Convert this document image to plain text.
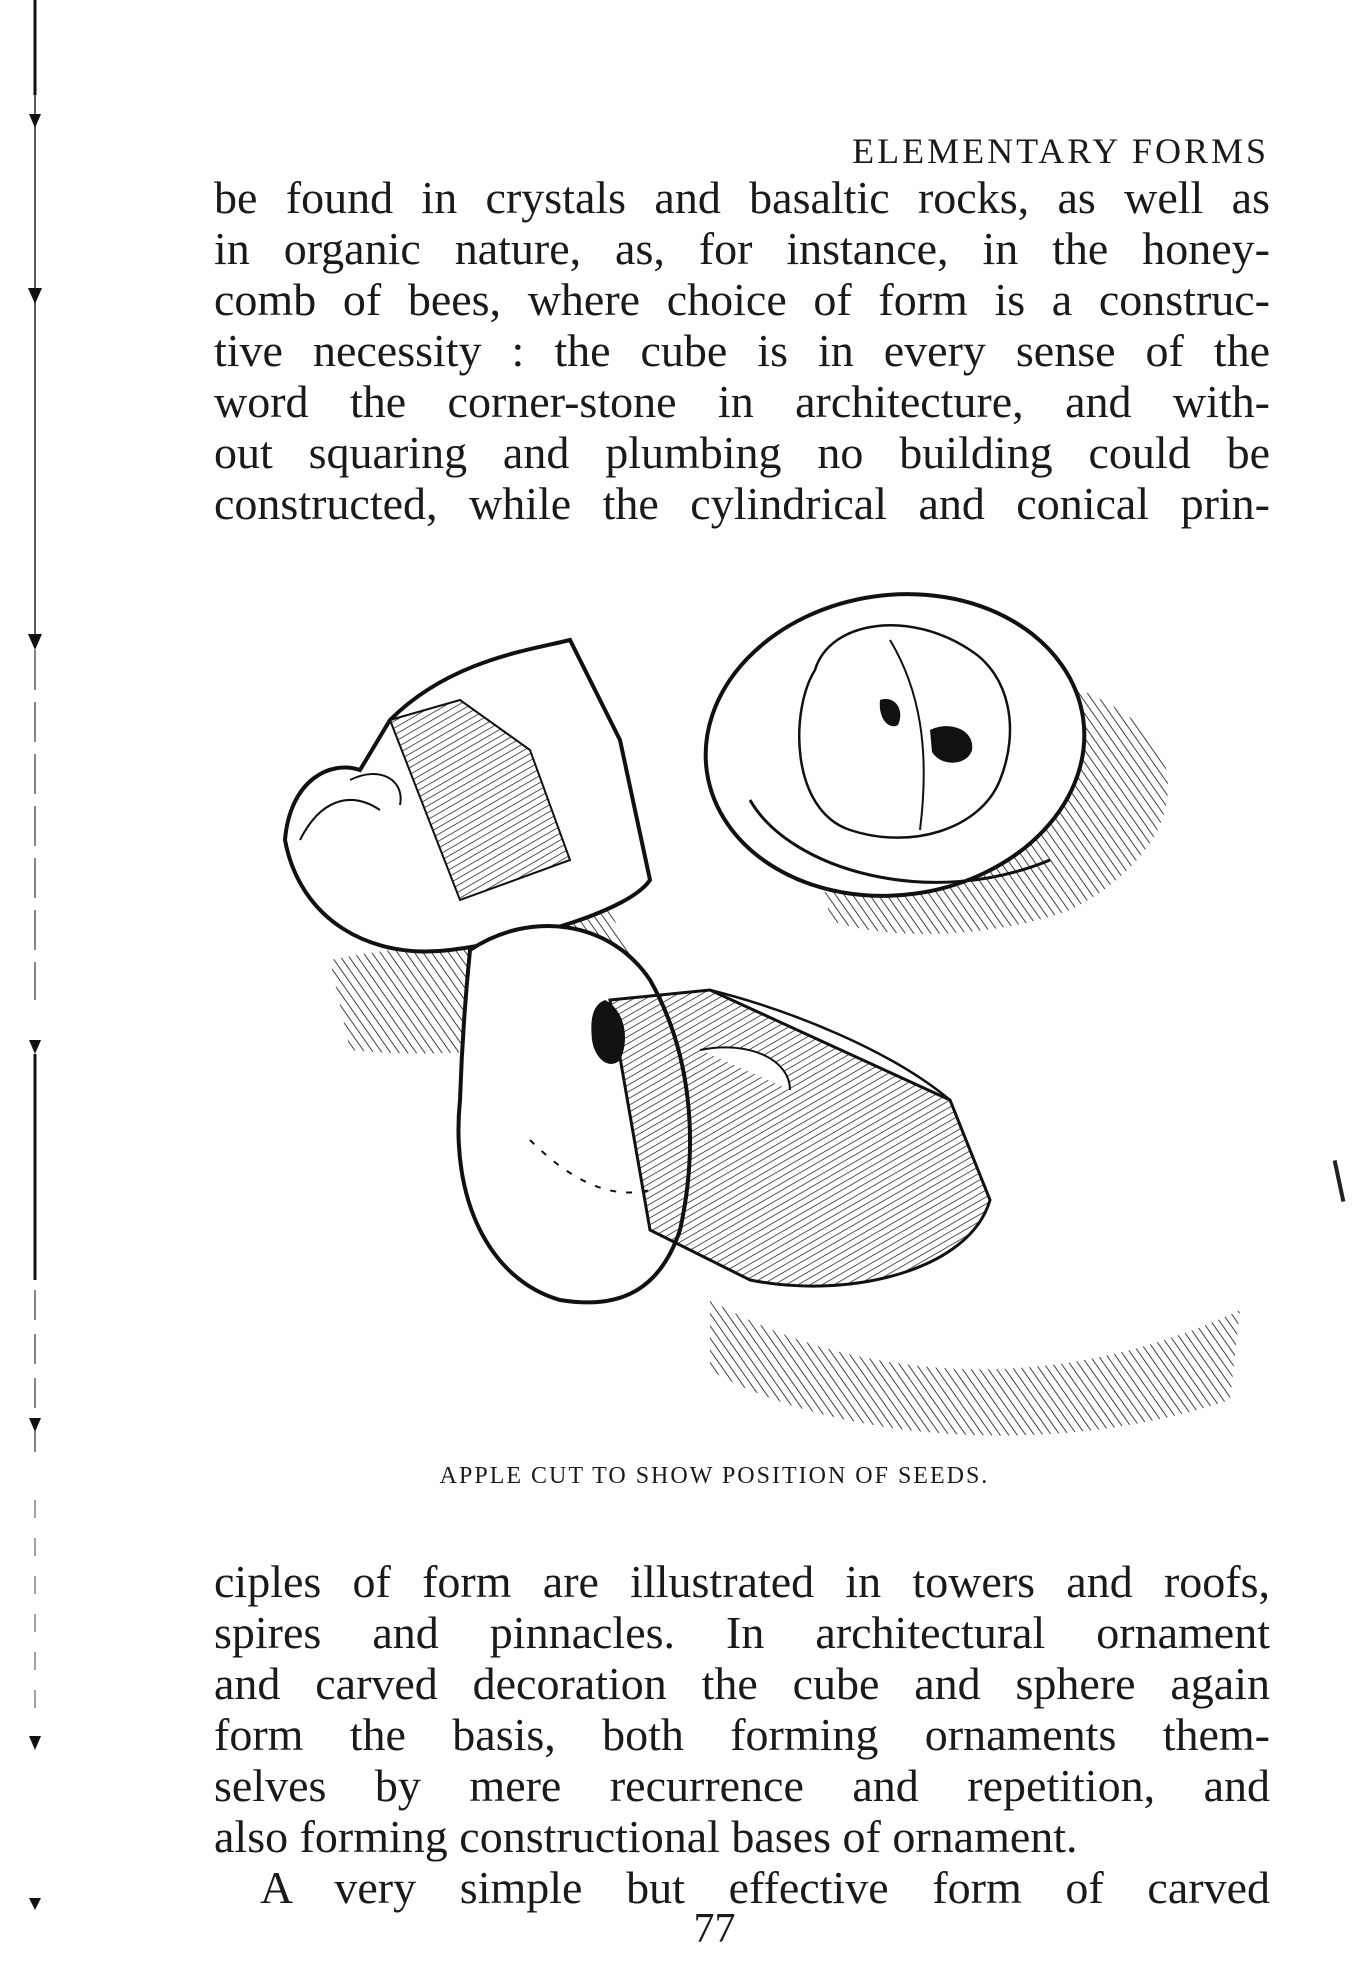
ELEMENTARY FORMS
be found in crystals and basaltic rocks, as well as
in organic nature, as, for instance, in the honey-
comb of bees, where choice of form is a construc-
tive necessity : the cube is in every sense of the
word the corner-stone in architecture, and with-
out squaring and plumbing no building could be
constructed, while the cylindrical and conical prin-
APPLE CUT TO SHOW POSITION OF SEEDS.
ciples of form are illustrated in towers and roofs,
spires and pinnacles. In architectural ornament
and carved decoration the cube and sphere again
form the basis, both forming ornaments them-
selves by mere recurrence and repetition, and
also forming constructional bases of ornament.
A very simple but effective form of carved
77
